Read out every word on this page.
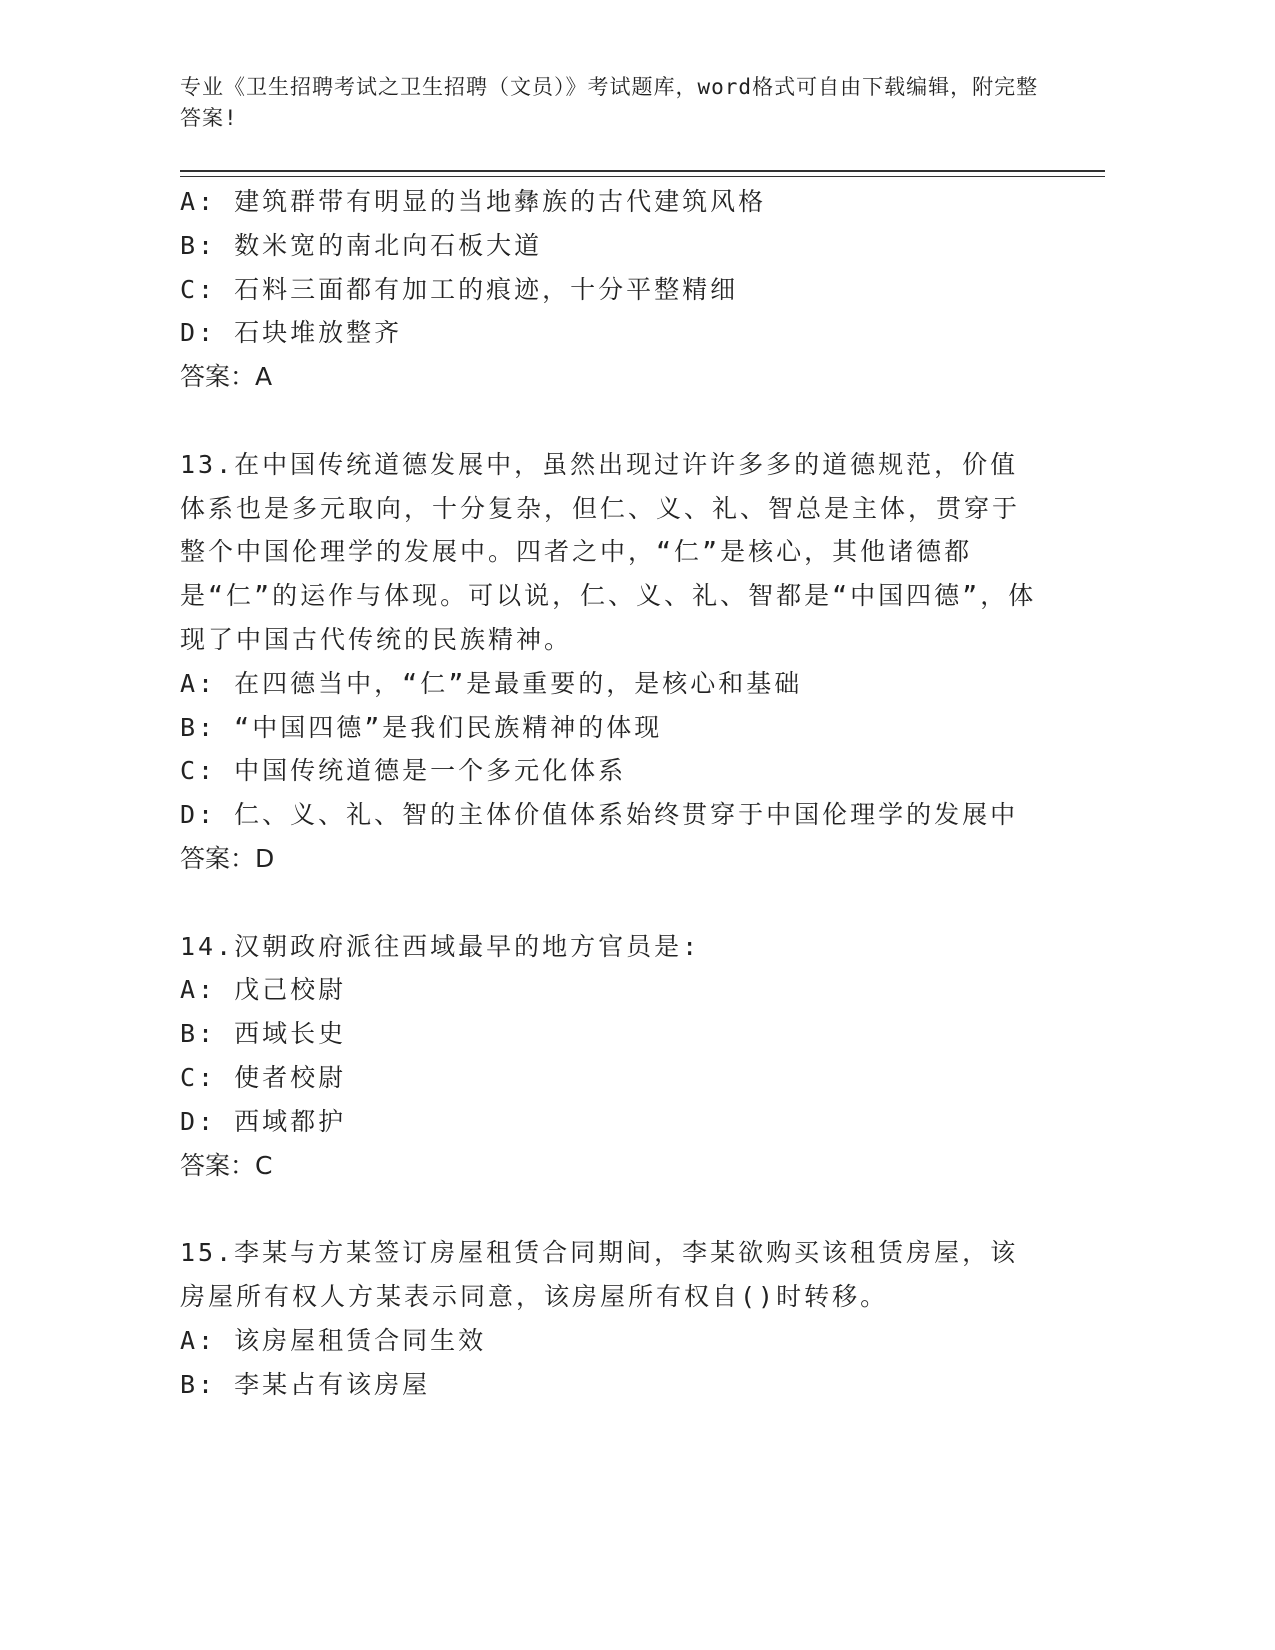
专业《卫生招聘考试之卫生招聘（文员）》考试题库，word格式可自由下载编辑，附完整答案!
A: 建筑群带有明显的当地彝族的古代建筑风格
B: 数米宽的南北向石板大道
C: 石料三面都有加工的痕迹，十分平整精细
D: 石块堆放整齐
答案：A
13.在中国传统道德发展中，虽然出现过许许多多的道德规范，价值体系也是多元取向，十分复杂，但仁、义、礼、智总是主体，贯穿于整个中国伦理学的发展中。四者之中，“仁”是核心，其他诸德都是“仁”的运作与体现。可以说，仁、义、礼、智都是“中国四德”，体现了中国古代传统的民族精神。
A: 在四德当中，“仁”是最重要的，是核心和基础
B: “中国四德”是我们民族精神的体现
C: 中国传统道德是一个多元化体系
D: 仁、义、礼、智的主体价值体系始终贯穿于中国伦理学的发展中
答案：D
14.汉朝政府派往西域最早的地方官员是:
A: 戊己校尉
B: 西域长史
C: 使者校尉
D: 西域都护
答案：C
15.李某与方某签订房屋租赁合同期间，李某欲购买该租赁房屋，该房屋所有权人方某表示同意，该房屋所有权自()时转移。
A: 该房屋租赁合同生效
B: 李某占有该房屋
